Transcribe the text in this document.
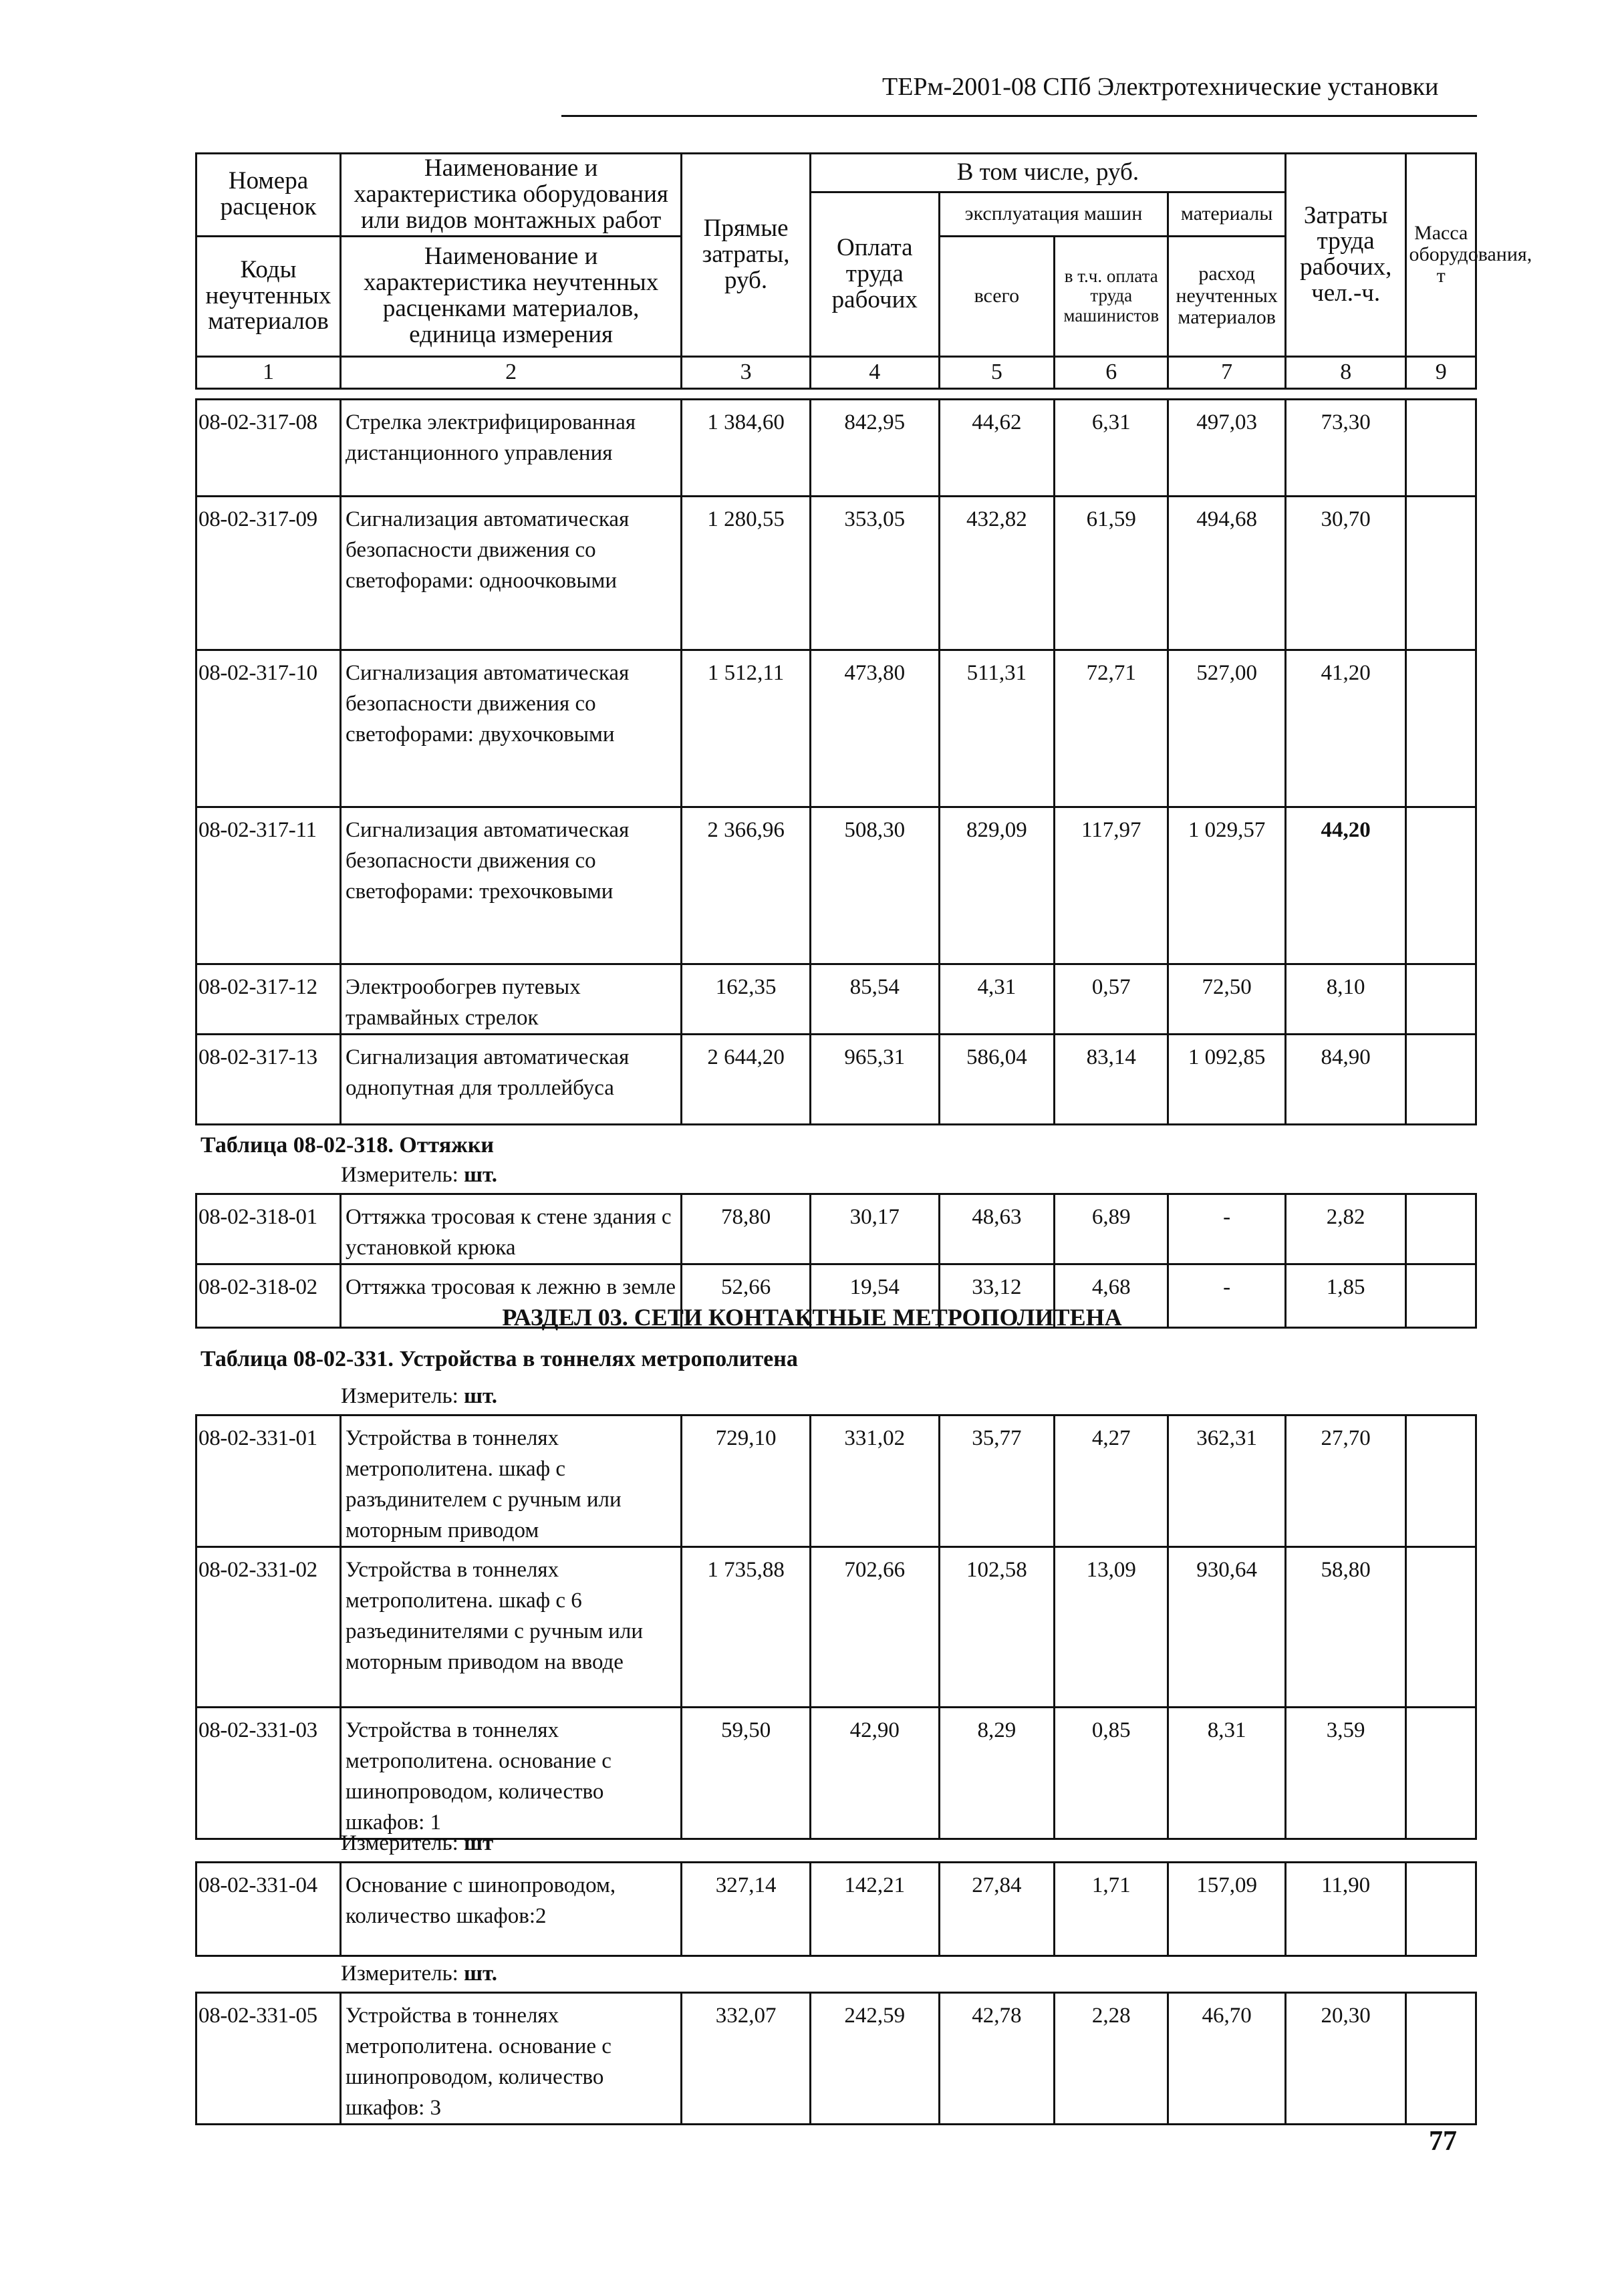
ТЕРм-2001-08 СПб Электротехнические установки
Номера расценок	Наименование и характеристика оборудования или видов монтажных работ	Прямые затраты, руб.	В том числе, руб.				Затраты труда рабочих, чел.-ч.	Масса оборудования, т
			Оплата труда рабочих	эксплуатация машин		материалы		

Коды неучтенных материалов	Наименование и характеристика неучтенных расценками материалов, единица измерения			всего	в т.ч. оплата труда машинистов	расход неучтенных материалов		

1	2	3	4	5	6	7	8	9
08-02-317-08	Стрелка электрифицированная дистанционного управления	1 384,60	842,95	44,62	6,31	497,03	73,30	
08-02-317-09	Сигнализация автоматическая безопасности движения со светофорами: одноочковыми	1 280,55	353,05	432,82	61,59	494,68	30,70	
08-02-317-10	Сигнализация автоматическая безопасности движения со светофорами: двухочковыми	1 512,11	473,80	511,31	72,71	527,00	41,20	
08-02-317-11	Сигнализация автоматическая безопасности движения со светофорами: трехочковыми	2 366,96	508,30	829,09	117,97	1 029,57	44,20	
08-02-317-12	Электрообогрев путевых трамвайных стрелок	162,35	85,54	4,31	0,57	72,50	8,10	
08-02-317-13	Сигнализация автоматическая однопутная для троллейбуса	2 644,20	965,31	586,04	83,14	1 092,85	84,90	
Таблица 08-02-318. Оттяжки
Измеритель: шт.
08-02-318-01	Оттяжка тросовая к стене здания с установкой крюка	78,80	30,17	48,63	6,89	-	2,82	
08-02-318-02	Оттяжка тросовая к лежню в земле	52,66	19,54	33,12	4,68	-	1,85	
РАЗДЕЛ 03. СЕТИ КОНТАКТНЫЕ МЕТРОПОЛИТЕНА
Таблица 08-02-331. Устройства в тоннелях метрополитена
Измеритель: шт.
08-02-331-01	Устройства в тоннелях метрополитена. шкаф с разъдинителем с ручным или моторным приводом	729,10	331,02	35,77	4,27	362,31	27,70	
08-02-331-02	Устройства в тоннелях метрополитена. шкаф с 6 разъединителями с ручным или моторным приводом на вводе	1 735,88	702,66	102,58	13,09	930,64	58,80	
08-02-331-03	Устройства в тоннелях метрополитена. основание с шинопроводом, количество шкафов: 1	59,50	42,90	8,29	0,85	8,31	3,59	
Измеритель: шт
08-02-331-04	Основание с шинопроводом, количество шкафов:2	327,14	142,21	27,84	1,71	157,09	11,90	
Измеритель: шт.
08-02-331-05	Устройства в тоннелях метрополитена. основание с шинопроводом, количество шкафов: 3	332,07	242,59	42,78	2,28	46,70	20,30	
77
